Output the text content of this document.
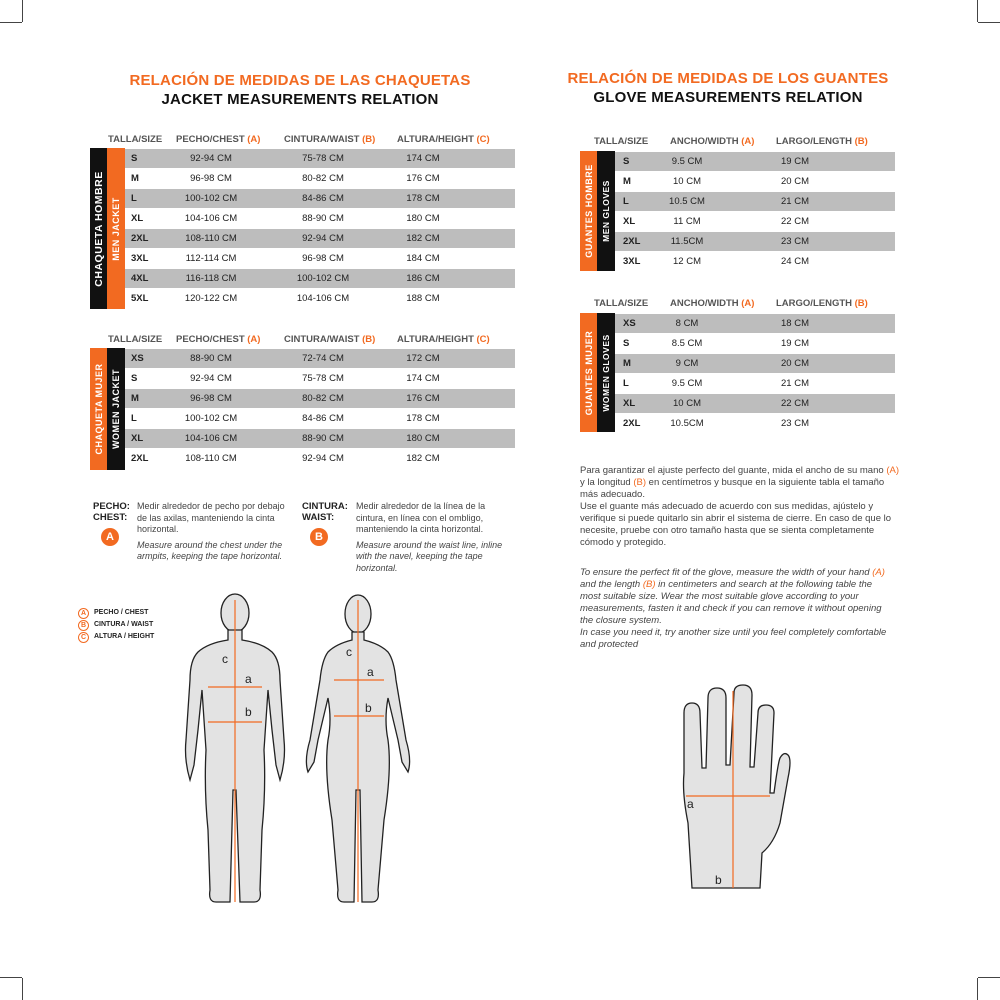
RELACIÓN DE MEDIDAS DE LAS CHAQUETAS
JACKET MEASUREMENTS RELATION
RELACIÓN DE MEDIDAS DE LOS GUANTES
GLOVE MEASUREMENTS RELATION
TALLA/SIZE PECHO/CHEST (A) CINTURA/WAIST (B) ALTURA/HEIGHT (C)
CHAQUETA HOMBRE MEN JACKET
S	92-94 CM	75-78 CM	174 CM
M	96-98 CM	80-82 CM	176 CM
L	100-102 CM	84-86 CM	178 CM
XL	104-106 CM	88-90 CM	180 CM
2XL	108-110 CM	92-94 CM	182 CM
3XL	112-114 CM	96-98 CM	184 CM
4XL	116-118 CM	100-102 CM	186 CM
5XL	120-122 CM	104-106 CM	188 CM
TALLA/SIZE PECHO/CHEST (A) CINTURA/WAIST (B) ALTURA/HEIGHT (C)
CHAQUETA MUJER WOMEN JACKET
XS	88-90 CM	72-74 CM	172 CM
S	92-94 CM	75-78 CM	174 CM
M	96-98 CM	80-82 CM	176 CM
L	100-102 CM	84-86 CM	178 CM
XL	104-106 CM	88-90 CM	180 CM
2XL	108-110 CM	92-94 CM	182 CM
TALLA/SIZE ANCHO/WIDTH (A) LARGO/LENGTH (B)
GUANTES HOMBRE MEN GLOVES
S	9.5 CM	19 CM
M	10 CM	20 CM
L	10.5 CM	21 CM
XL	11 CM	22 CM
2XL	11.5CM	23 CM
3XL	12 CM	24 CM
TALLA/SIZE ANCHO/WIDTH (A) LARGO/LENGTH (B)
GUANTES MUJER WOMEN GLOVES
XS	8 CM	18 CM
S	8.5 CM	19 CM
M	9 CM	20 CM
L	9.5 CM	21 CM
XL	10 CM	22 CM
2XL	10.5CM	23 CM
PECHO:
CHEST:
A
Medir alrededor de pecho por debajo de las axilas, manteniendo la cinta horizontal.
Measure around the chest under the armpits, keeping the tape horizontal.
CINTURA:
WAIST:
B
Medir alrededor de la línea de la cintura, en línea con el ombligo, manteniendo la cinta horizontal.
Measure around the waist line, inline with the navel, keeping the tape horizontal.
A	PECHO / CHEST
B	CINTURA / WAIST
C	ALTURA / HEIGHT
c
a
b
c
a
b
Para garantizar el ajuste perfecto del guante, mida el ancho de su mano (A) y la longitud (B) en centímetros y busque en la siguiente tabla el tamaño más adecuado.
Use el guante más adecuado de acuerdo con sus medidas, ajústelo y verifique si puede quitarlo sin abrir el sistema de cierre. En caso de que lo necesite, pruebe con otro tamaño hasta que se sienta completamente cómodo y protegido.
To ensure the perfect fit of the glove, measure the width of your hand (A) and the length (B) in centimeters and search at the following table the most suitable size. Wear the most suitable glove according to your measurements, fasten it and check if you can remove it without opening the closure system.
In case you need it, try another size until you feel completely comfortable and protected
a
b
